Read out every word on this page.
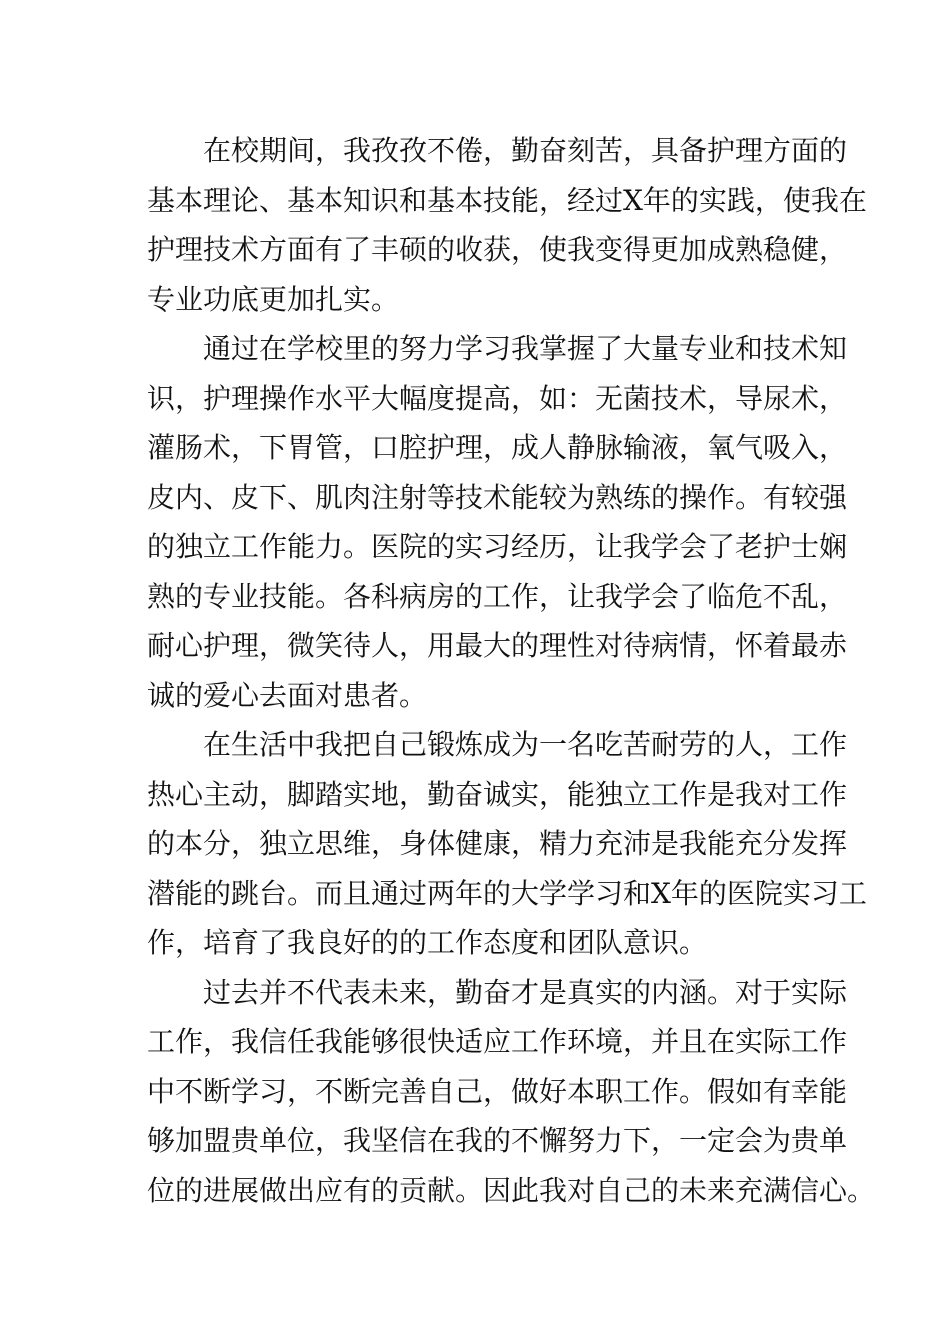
在校期间，我孜孜不倦，勤奋刻苦，具备护理方面的
基本理论、基本知识和基本技能，经过X年的实践，使我在
护理技术方面有了丰硕的收获，使我变得更加成熟稳健，
专业功底更加扎实。
通过在学校里的努力学习我掌握了大量专业和技术知
识，护理操作水平大幅度提高，如：无菌技术，导尿术，
灌肠术，下胃管，口腔护理，成人静脉输液，氧气吸入，
皮内、皮下、肌肉注射等技术能较为熟练的操作。有较强
的独立工作能力。医院的实习经历，让我学会了老护士娴
熟的专业技能。各科病房的工作，让我学会了临危不乱，
耐心护理，微笑待人，用最大的理性对待病情，怀着最赤
诚的爱心去面对患者。
在生活中我把自己锻炼成为一名吃苦耐劳的人，工作
热心主动，脚踏实地，勤奋诚实，能独立工作是我对工作
的本分，独立思维，身体健康，精力充沛是我能充分发挥
潜能的跳台。而且通过两年的大学学习和X年的医院实习工
作，培育了我良好的的工作态度和团队意识。
过去并不代表未来，勤奋才是真实的内涵。对于实际
工作，我信任我能够很快适应工作环境，并且在实际工作
中不断学习，不断完善自己，做好本职工作。假如有幸能
够加盟贵单位，我坚信在我的不懈努力下，一定会为贵单
位的进展做出应有的贡献。因此我对自己的未来充满信心。
